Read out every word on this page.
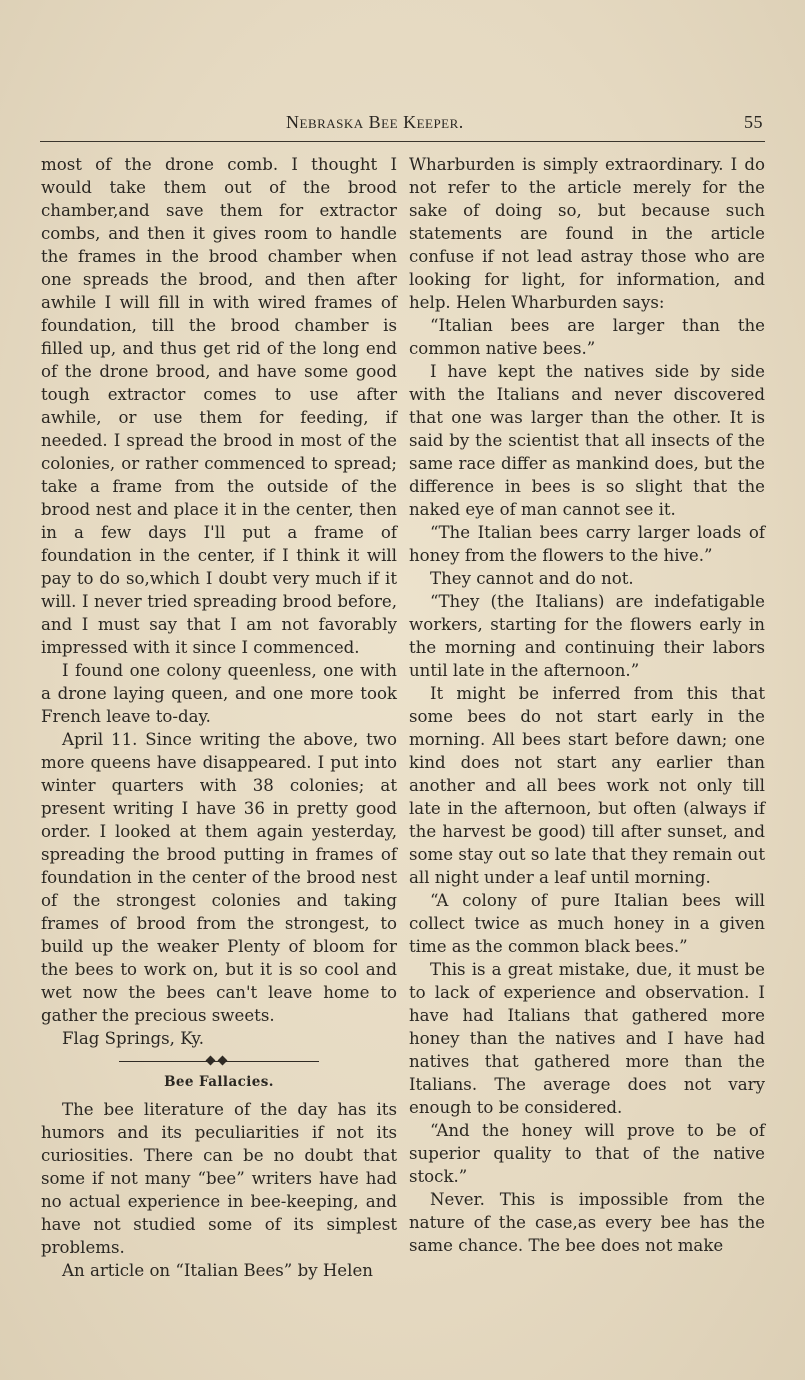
Nebraska Bee Keeper.	55

most of the drone comb. I thought I would take them out of the brood chamber,and save them for extractor combs, and then it gives room to handle the frames in the brood chamber when one spreads the brood, and then after awhile I will fill in with wired frames of foundation, till the brood chamber is filled up, and thus get rid of the long end of the drone brood, and have some good tough extractor comes to use after awhile, or use them for feeding, if needed. I spread the brood in most of the colonies, or rather commenced to spread; take a frame from the outside of the brood nest and place it in the center, then in a few days I'll put a frame of foundation in the center, if I think it will pay to do so,which I doubt very much if it will. I never tried spreading brood before, and I must say that I am not favorably impressed with it since I commenced.

I found one colony queenless, one with a drone laying queen, and one more took French leave to-day.

April 11. Since writing the above, two more queens have disappeared. I put into winter quarters with 38 colonies; at present writing I have 36 in pretty good order. I looked at them again yesterday, spreading the brood putting in frames of foundation in the center of the brood nest of the strongest colonies and taking frames of brood from the strongest, to build up the weaker Plenty of bloom for the bees to work on, but it is so cool and wet now the bees can't leave home to gather the precious sweets.

Flag Springs, Ky.

Bee Fallacies.

The bee literature of the day has its humors and its peculiarities if not its curiosities. There can be no doubt that some if not many “bee” writers have had no actual experience in bee-keeping, and have not studied some of its simplest problems.

An article on “Italian Bees” by Helen

Wharburden is simply extraordinary. I do not refer to the article merely for the sake of doing so, but because such statements are found in the article confuse if not lead astray those who are looking for light, for information, and help. Helen Wharburden says:

“Italian bees are larger than the common native bees.”

I have kept the natives side by side with the Italians and never discovered that one was larger than the other. It is said by the scientist that all insects of the same race differ as mankind does, but the difference in bees is so slight that the naked eye of man cannot see it.

“The Italian bees carry larger loads of honey from the flowers to the hive.”

They cannot and do not.

“They (the Italians) are indefatigable workers, starting for the flowers early in the morning and continuing their labors until late in the afternoon.”

It might be inferred from this that some bees do not start early in the morning. All bees start before dawn; one kind does not start any earlier than another and all bees work not only till late in the afternoon, but often (always if the harvest be good) till after sunset, and some stay out so late that they remain out all night under a leaf until morning.

“A colony of pure Italian bees will collect twice as much honey in a given time as the common black bees.”

This is a great mistake, due, it must be to lack of experience and observation. I have had Italians that gathered more honey than the natives and I have had natives that gathered more than the Italians. The average does not vary enough to be considered.

“And the honey will prove to be of superior quality to that of the native stock.”

Never. This is impossible from the nature of the case,as every bee has the same chance. The bee does not make
